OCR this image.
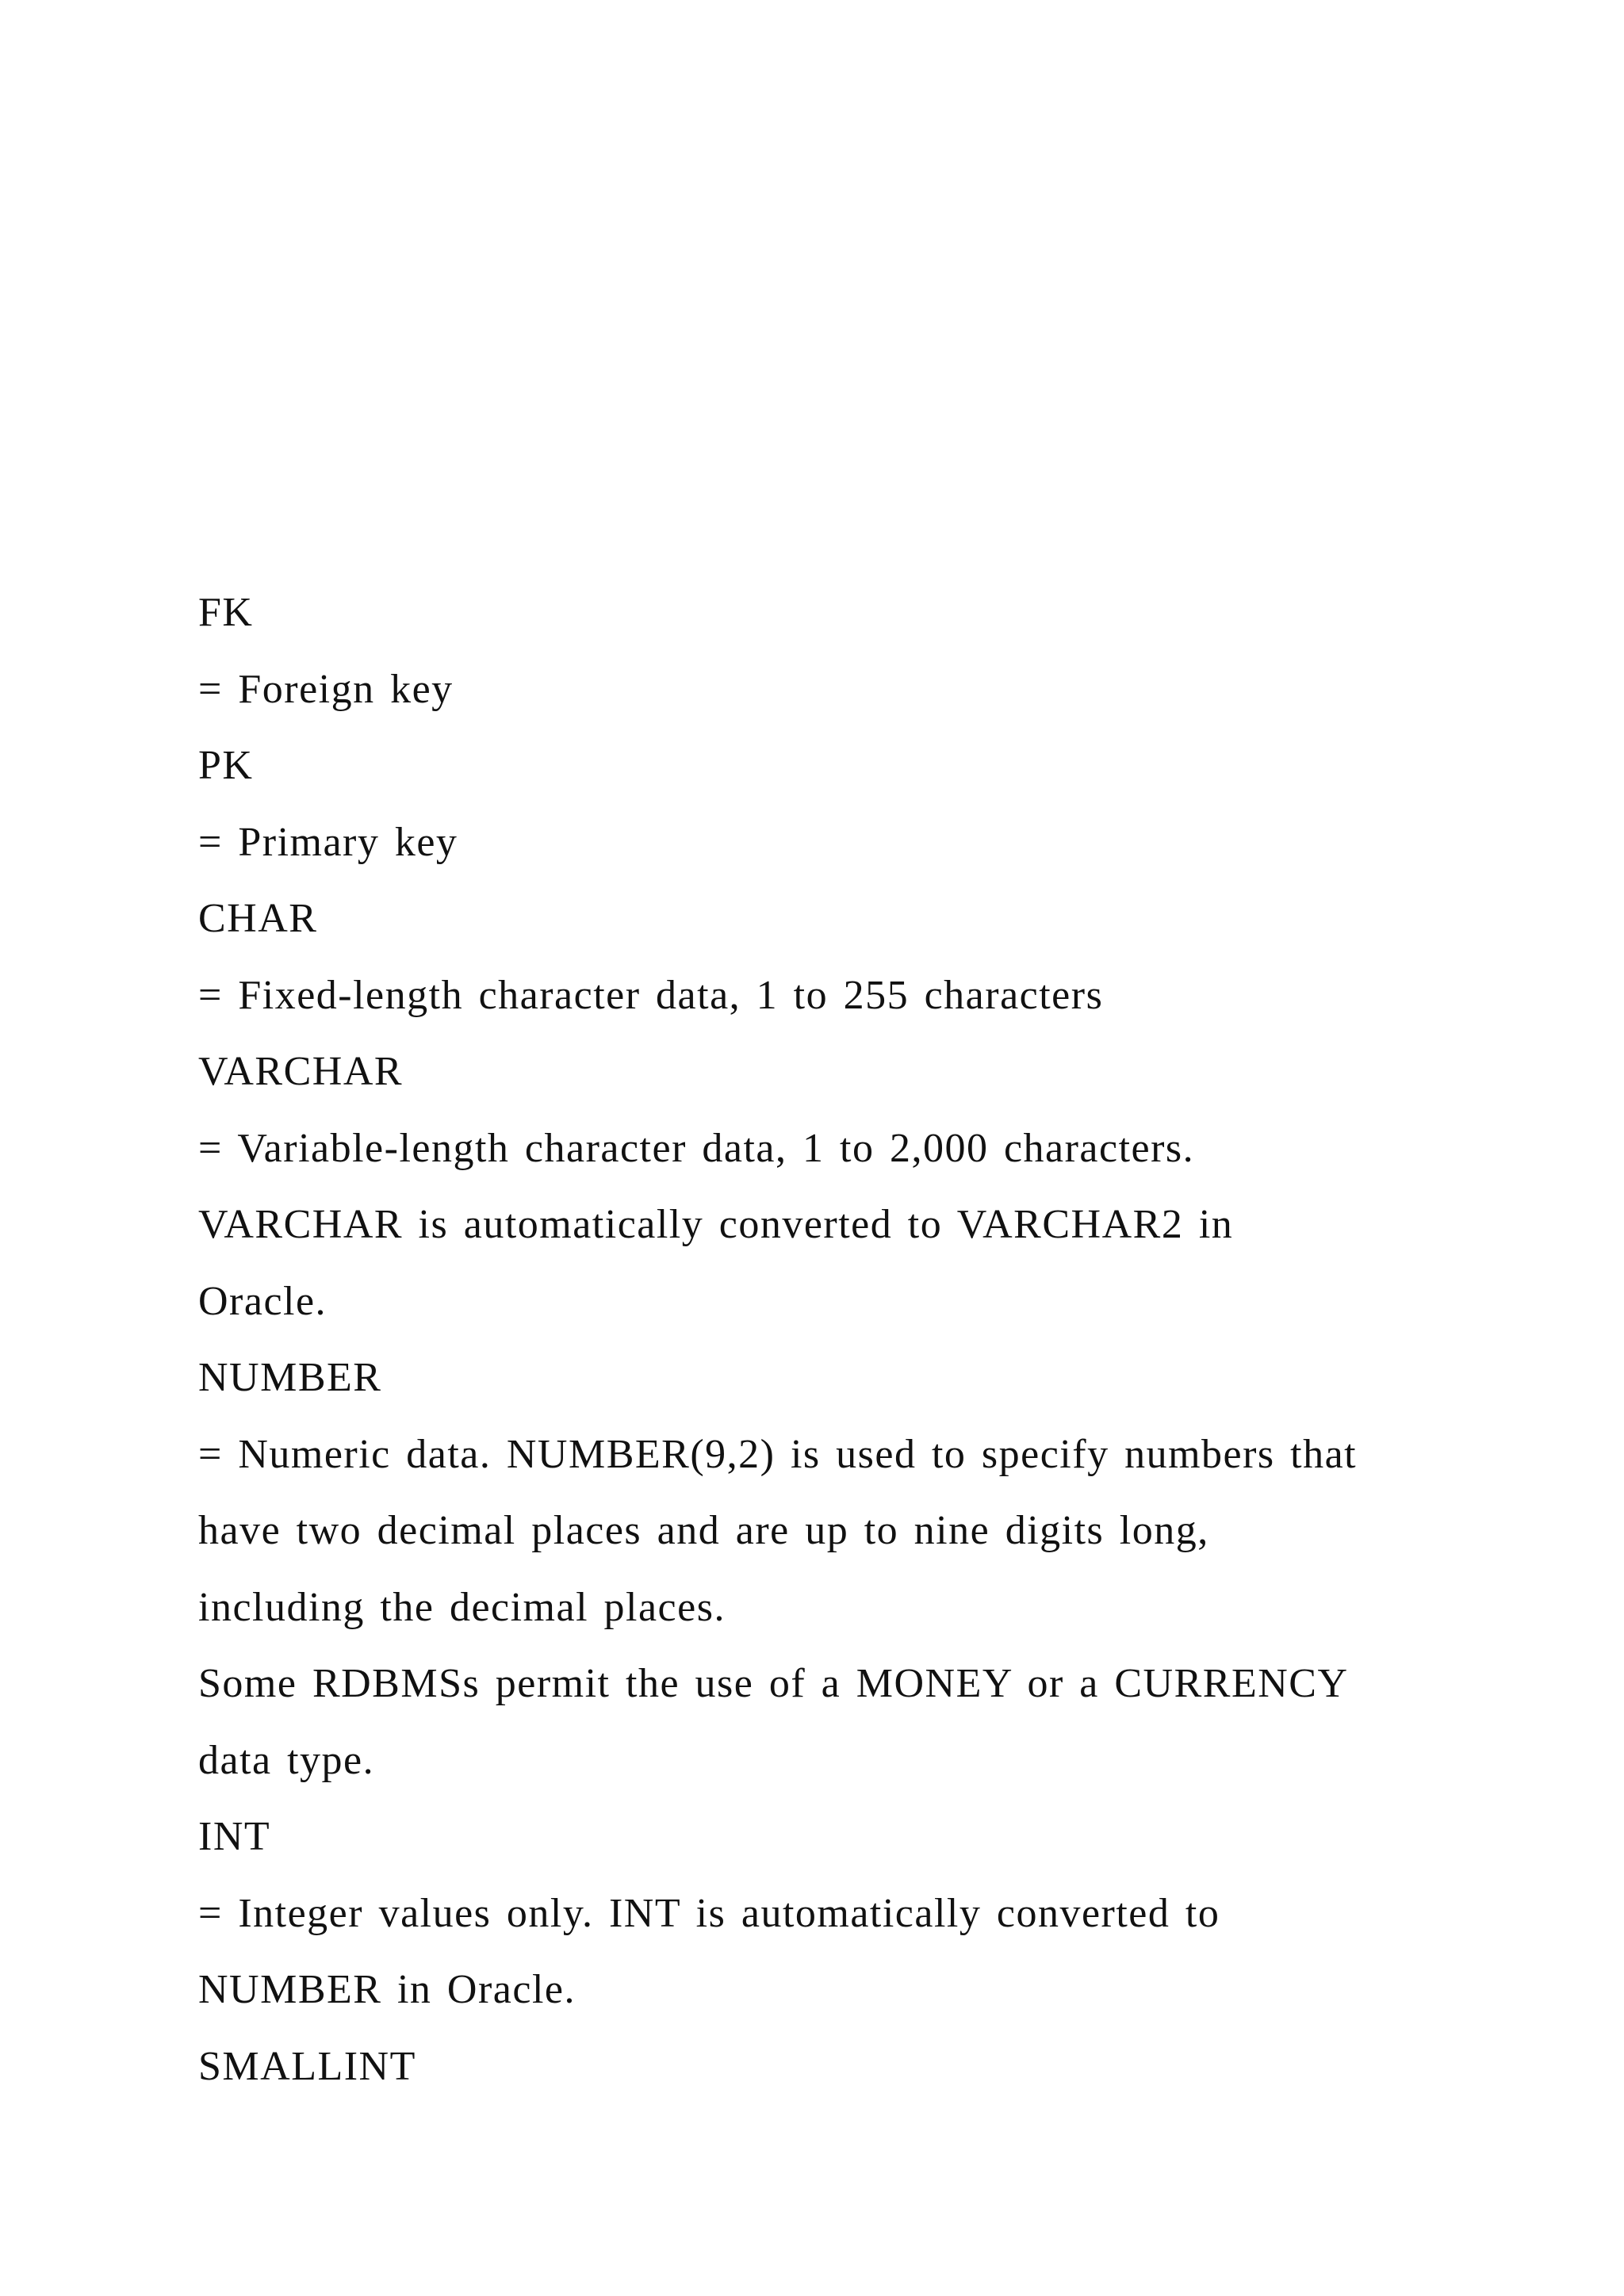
FK

= Foreign key

PK

= Primary key

CHAR

= Fixed-length character data, 1 to 255 characters

VARCHAR

= Variable-length character data, 1 to 2,000 characters.

VARCHAR is automatically converted to VARCHAR2 in

Oracle.

NUMBER

= Numeric data. NUMBER(9,2) is used to specify numbers that

have two decimal places and are up to nine digits long,

including the decimal places.

Some RDBMSs permit the use of a MONEY or a CURRENCY

data type.

INT

= Integer values only. INT is automatically converted to

NUMBER in Oracle.

SMALLINT
